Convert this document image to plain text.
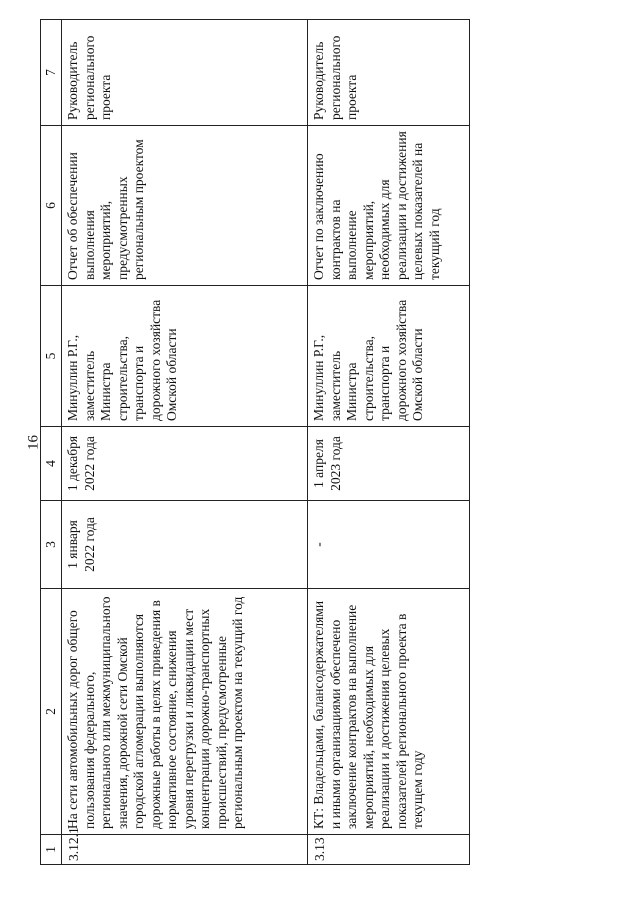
16
1	2	3	4	5	6	7
3.12.1	На сети автомобильных дорог общего пользования федерального, регионального или межмуниципального значения, дорожной сети Омской городской агломерации выполняются дорожные работы в целях приведения в нормативное состояние, снижения уровня перегрузки и ликвидации мест концентрации дорожно-транспортных происшествий, предусмотренные региональным проектом на текущий год	1 января 2022 года	1 декабря 2022 года	Минуллин Р.Г., заместитель Министра строительства, транспорта и дорожного хозяйства Омской области	Отчет об обеспечении выполнения мероприятий, предусмотренных региональным проектом	Руководитель регионального проекта
3.13	КТ: Владельцами, балансодержателями и иными организациями обеспечено заключение контрактов на выполнение мероприятий, необходимых для реализации и достижения целевых показателей регионального проекта в текущем году	-	1 апреля 2023 года	Минуллин Р.Г., заместитель Министра строительства, транспорта и дорожного хозяйства Омской области	Отчет по заключению контрактов на выполнение мероприятий, необходимых для реализации и достижения целевых показателей на текущий год	Руководитель регионального проекта
